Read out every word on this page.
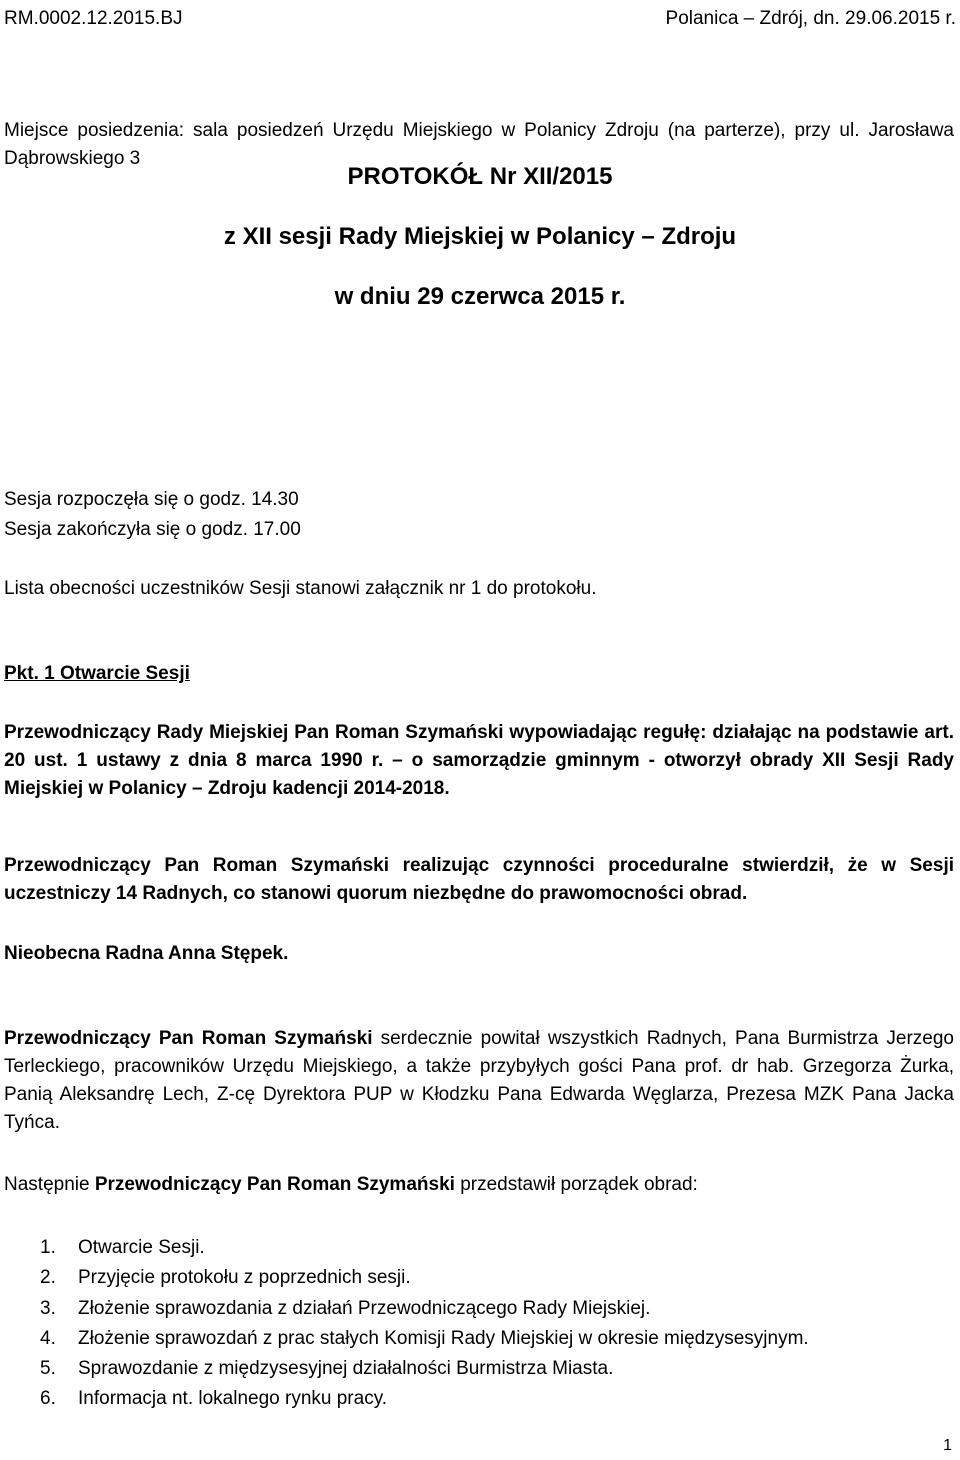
RM.0002.12.2015.BJ	Polanica – Zdrój, dn. 29.06.2015 r.
PROTOKÓŁ Nr XII/2015
z XII sesji Rady Miejskiej w Polanicy – Zdroju
w dniu 29 czerwca 2015 r.
Miejsce posiedzenia: sala posiedzeń Urzędu Miejskiego w Polanicy Zdroju (na parterze), przy ul. Jarosława Dąbrowskiego 3
Sesja rozpoczęła się o godz. 14.30
Sesja zakończyła się o godz. 17.00
Lista obecności uczestników Sesji stanowi załącznik nr 1 do protokołu.
Pkt. 1 Otwarcie Sesji
Przewodniczący Rady Miejskiej Pan Roman Szymański wypowiadając regułę: działając na podstawie art. 20 ust. 1 ustawy z dnia 8 marca 1990 r. – o samorządzie gminnym - otworzył obrady XII Sesji Rady Miejskiej w Polanicy – Zdroju kadencji 2014-2018.
Przewodniczący Pan Roman Szymański realizując czynności proceduralne stwierdził, że w Sesji uczestniczy 14 Radnych, co stanowi quorum niezbędne do prawomocności obrad.
Nieobecna Radna Anna Stępek.
Przewodniczący Pan Roman Szymański serdecznie powitał wszystkich Radnych, Pana Burmistrza Jerzego Terleckiego, pracowników Urzędu Miejskiego, a także przybyłych gości Pana prof. dr hab. Grzegorza Żurka, Panią Aleksandrę Lech, Z-cę Dyrektora PUP w Kłodzku Pana Edwarda Węglarza, Prezesa MZK Pana Jacka Tyńca.
Następnie Przewodniczący Pan Roman Szymański przedstawił porządek obrad:
1.	Otwarcie Sesji.
2.	Przyjęcie protokołu z poprzednich sesji.
3.	Złożenie sprawozdania z działań Przewodniczącego Rady Miejskiej.
4.	Złożenie sprawozdań z prac stałych Komisji Rady Miejskiej w okresie międzysesyjnym.
5.	Sprawozdanie z międzysesyjnej działalności Burmistrza Miasta.
6.	Informacja nt. lokalnego rynku pracy.
1
